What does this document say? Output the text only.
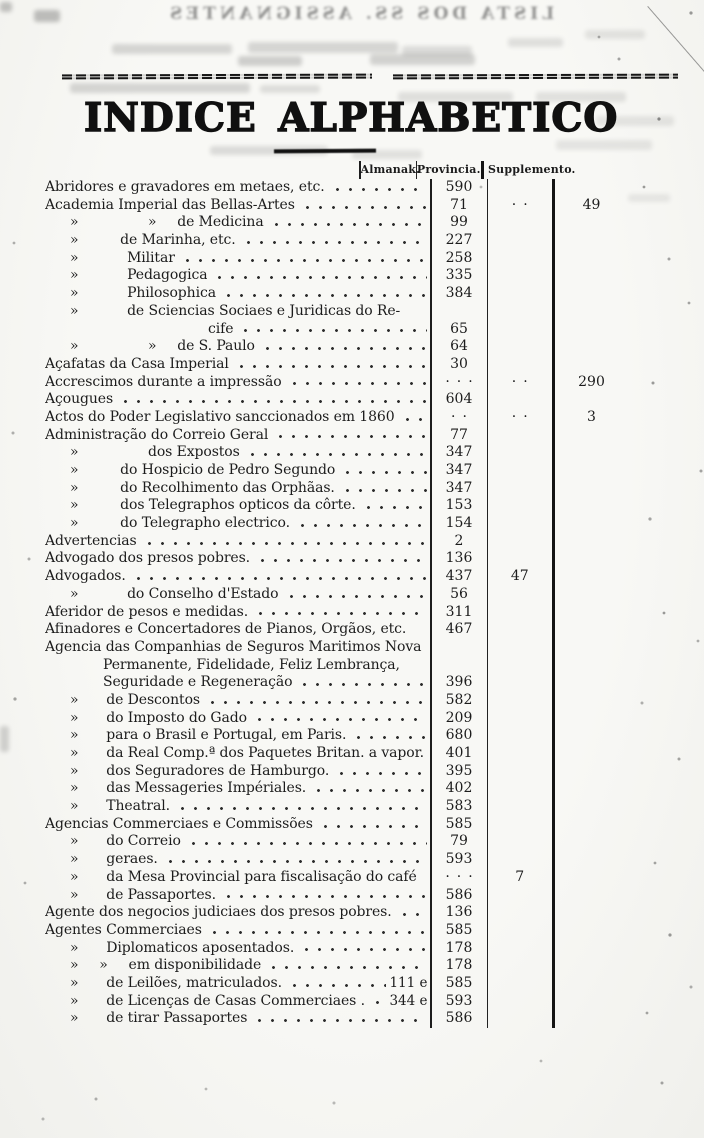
LISTA DOS SS. ASSIGNANTES
INDICE ALPHABETICO
Almanak.
Provincia. Supplemento.
Abridores e gravadores em metaes, etc.	590
Academia Imperial das Bellas-Artes	71	· ·	49
»     »  de Medicina	99
»   de Marinha, etc.	227
»    Militar	258
»    Pedagogica	335
»    Philosophica	384
»    de Sciencias Sociaes e Juridicas do Re-
cife	65
»     »  de S. Paulo	64
Açafatas da Casa Imperial	30
Accrescimos durante a impressão	· · ·	· ·	290
Açougues	604
Actos do Poder Legislativo sanccionados em 1860	· ·	· ·	3
Administração do Correio Geral	77
»     dos Expostos	347
»   do Hospicio de Pedro Segundo	347
»   do Recolhimento das Orphãas.	347
»   dos Telegraphos opticos da côrte.	153
»   do Telegrapho electrico.	154
Advertencias	2
Advogado dos presos pobres.	136
Advogados.	437	47
»    do Conselho d'Estado	56
Aferidor de pesos e medidas.	311
Afinadores e Concertadores de Pianos, Orgãos, etc.	467
Agencia das Companhias de Seguros Maritimos Nova
Permanente, Fidelidade, Feliz Lembrança,
Seguridade e Regeneração	396
»  de Descontos	582
»  do Imposto do Gado	209
»  para o Brasil e Portugal, em Paris.	680
»  da Real Comp.ª dos Paquetes Britan. a vapor.	401
»  dos Seguradores de Hamburgo.	395
»  das Messageries Impériales.	402
»  Theatral.	583
Agencias Commerciaes e Commissões	585
»  do Correio	79
»  geraes.	593
»  da Mesa Provincial para fiscalisação do café	· · ·	7
»  de Passaportes.	586
Agente dos negocios judiciaes dos presos pobres.	136
Agentes Commerciaes	585
»  Diplomaticos aposentados.	178
»  »  em disponibilidade	178
»  de Leilões, matriculados.	111 e	585
»  de Licenças de Casas Commerciaes . 344 e	593
»  de tirar Passaportes	586
